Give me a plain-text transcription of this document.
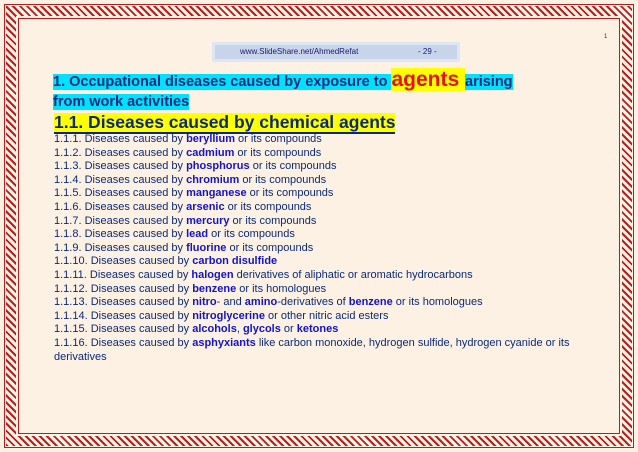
1
www.SlideShare.net/AhmedRefat	- 29 -
1. Occupational diseases caused by exposure to agents arising
from work activities
1.1. Diseases caused by chemical agents
1.1.1. Diseases caused by beryllium or its compounds
1.1.2. Diseases caused by cadmium or its compounds
1.1.3. Diseases caused by phosphorus or its compounds
1.1.4. Diseases caused by chromium or its compounds
1.1.5. Diseases caused by manganese or its compounds
1.1.6. Diseases caused by arsenic or its compounds
1.1.7. Diseases caused by mercury or its compounds
1.1.8. Diseases caused by lead or its compounds
1.1.9. Diseases caused by fluorine or its compounds
1.1.10. Diseases caused by carbon disulfide
1.1.11. Diseases caused by halogen derivatives of aliphatic or aromatic hydrocarbons
1.1.12. Diseases caused by benzene or its homologues
1.1.13. Diseases caused by nitro- and amino-derivatives of benzene or its homologues
1.1.14. Diseases caused by nitroglycerine or other nitric acid esters
1.1.15. Diseases caused by alcohols, glycols or ketones
1.1.16. Diseases caused by asphyxiants like carbon monoxide, hydrogen sulfide, hydrogen cyanide or its derivatives
